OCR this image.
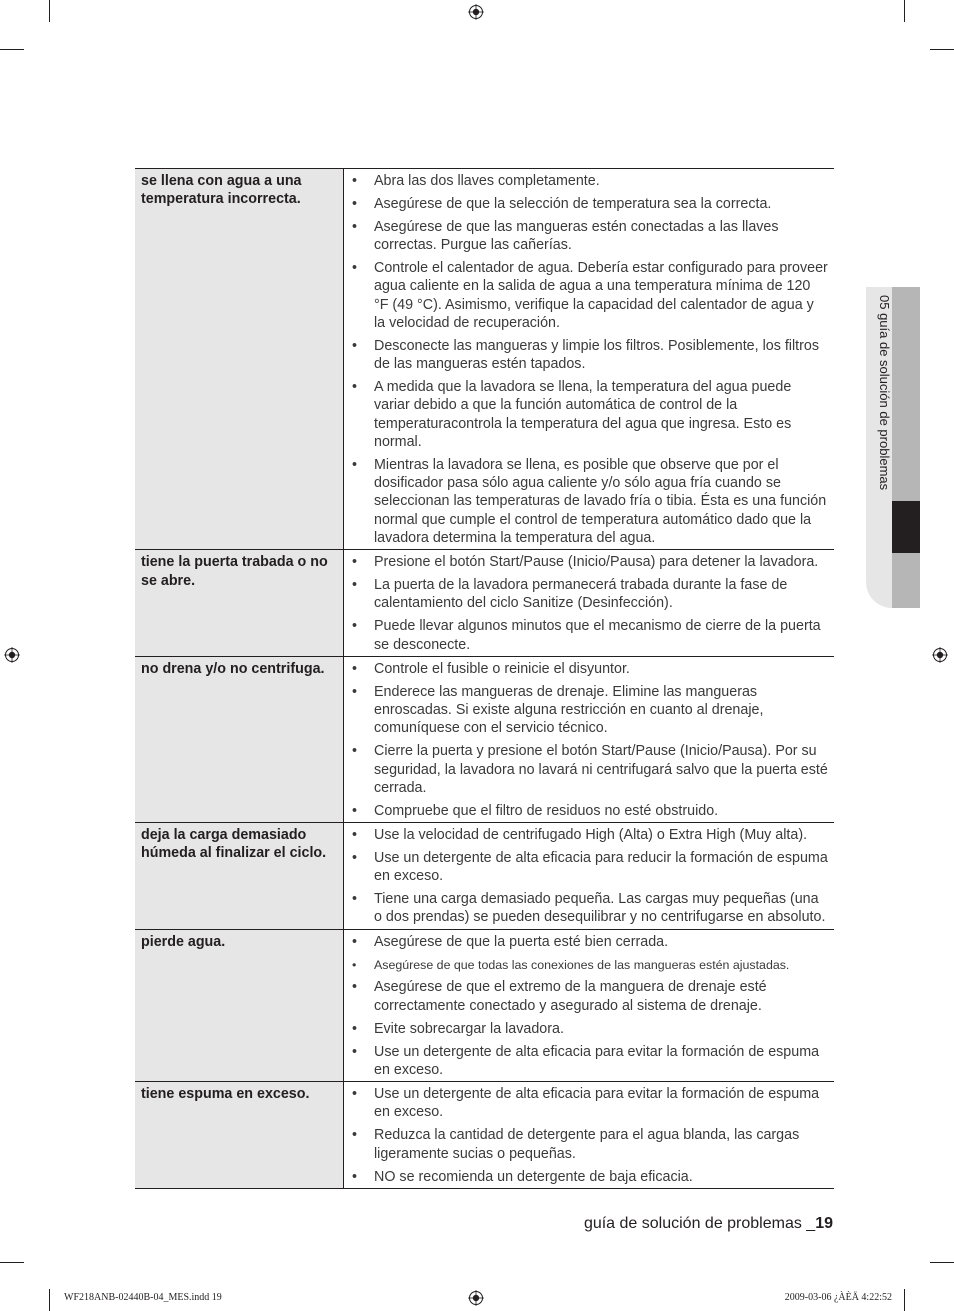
se llena con agua a una temperatura incorrecta.
• Abra las dos llaves completamente.
• Asegúrese de que la selección de temperatura sea la correcta.
• Asegúrese de que las mangueras estén conectadas a las llaves correctas. Purgue las cañerías.
• Controle el calentador de agua. Debería estar configurado para proveer agua caliente en la salida de agua a una temperatura mínima de 120 °F (49 °C). Asimismo, verifique la capacidad del calentador de agua y la velocidad de recuperación.
• Desconecte las mangueras y limpie los filtros. Posiblemente, los filtros de las mangueras estén tapados.
• A medida que la lavadora se llena, la temperatura del agua puede variar debido a que la función automática de control de la temperaturacontrola la temperatura del agua que ingresa. Esto es normal.
• Mientras la lavadora se llena, es posible que observe que por el dosificador pasa sólo agua caliente y/o sólo agua fría cuando se seleccionan las temperaturas de lavado fría o tibia. Ésta es una función normal que cumple el control de temperatura automático dado que la lavadora determina la temperatura del agua.
tiene la puerta trabada o no se abre.
• Presione el botón Start/Pause (Inicio/Pausa) para detener la lavadora.
• La puerta de la lavadora permanecerá trabada durante la fase de calentamiento del ciclo Sanitize (Desinfección).
• Puede llevar algunos minutos que el mecanismo de cierre de la puerta se desconecte.
no drena y/o no centrifuga.	• Controle el fusible o reinicie el disyuntor.
• Enderece las mangueras de drenaje. Elimine las mangueras enroscadas. Si existe alguna restricción en cuanto al drenaje, comuníquese con el servicio técnico.
• Cierre la puerta y presione el botón Start/Pause (Inicio/Pausa). Por su seguridad, la lavadora no lavará ni centrifugará salvo que la puerta esté cerrada.
• Compruebe que el filtro de residuos no esté obstruido.
deja la carga demasiado húmeda al finalizar el ciclo.
• Use la velocidad de centrifugado High (Alta) o Extra High (Muy alta).
• Use un detergente de alta eficacia para reducir la formación de espuma en exceso.
• Tiene una carga demasiado pequeña. Las cargas muy pequeñas (una o dos prendas) se pueden desequilibrar y no centrifugarse en absoluto.
pierde agua.	• Asegúrese de que la puerta esté bien cerrada.
• Asegúrese de que todas las conexiones de las mangueras estén ajustadas.
• Asegúrese de que el extremo de la manguera de drenaje esté correctamente conectado y asegurado al sistema de drenaje.
• Evite sobrecargar la lavadora.
• Use un detergente de alta eficacia para evitar la formación de espuma en exceso.
tiene espuma en exceso.	• Use un detergente de alta eficacia para evitar la formación de espuma en exceso.
• Reduzca la cantidad de detergente para el agua blanda, las cargas ligeramente sucias o pequeñas.
• NO se recomienda un detergente de baja eficacia.
05 guía de solución de problemas
guía de solución de problemas _19
WF218ANB-02440B-04_MES.indd 19	2009-03-06 ¿ÀÈÄ 4:22:52
